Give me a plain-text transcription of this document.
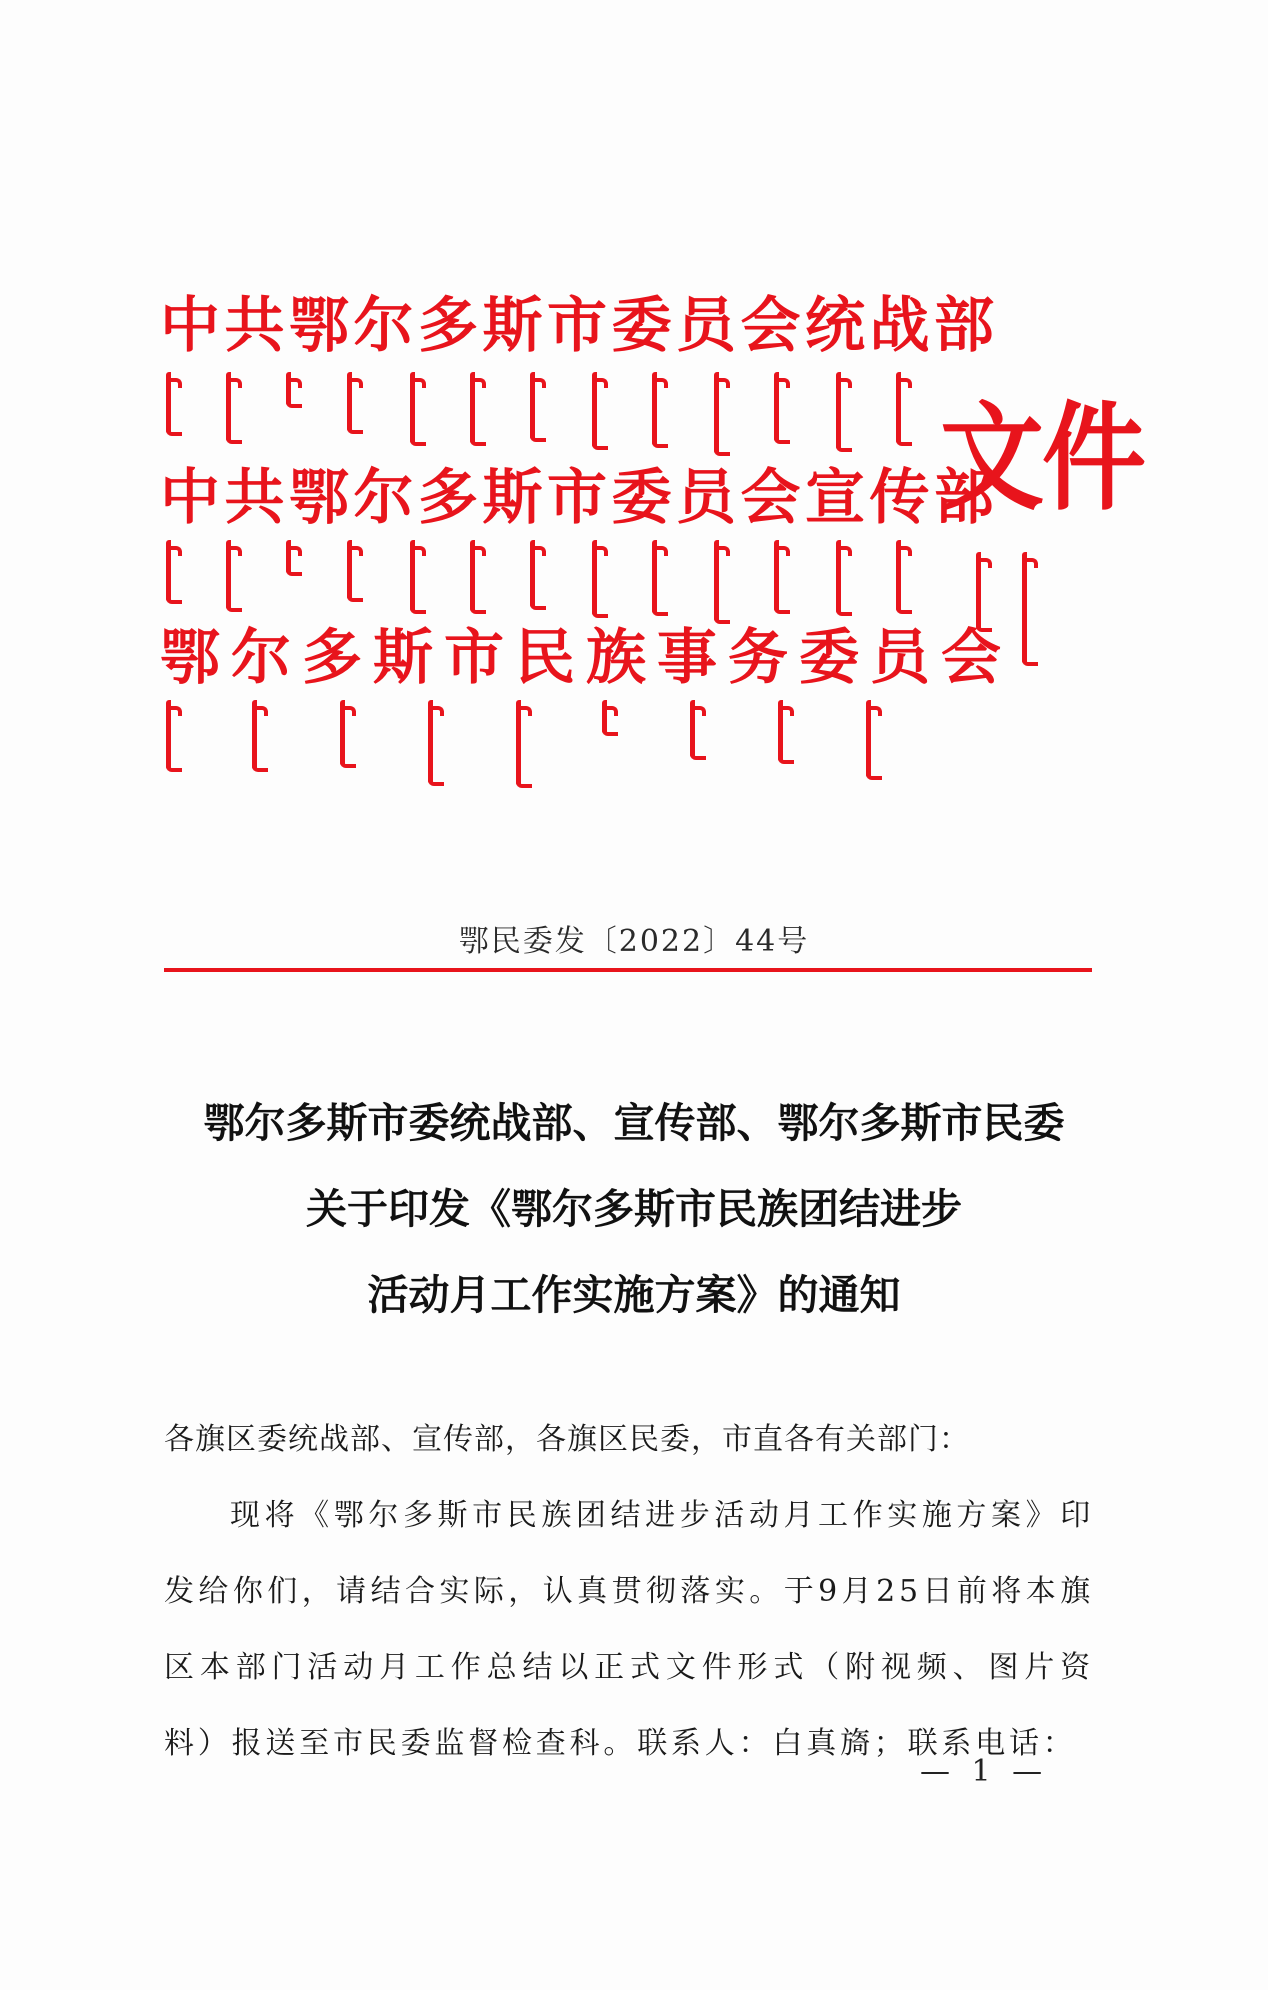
中共鄂尔多斯市委员会统战部
中共鄂尔多斯市委员会宣传部
鄂尔多斯市民族事务委员会
文件
鄂民委发〔2022〕44号
鄂尔多斯市委统战部、宣传部、鄂尔多斯市民委
关于印发《鄂尔多斯市民族团结进步
活动月工作实施方案》的通知
各旗区委统战部、宣传部，各旗区民委，市直各有关部门：
现将《鄂尔多斯市民族团结进步活动月工作实施方案》印发给你们，请结合实际，认真贯彻落实。于9月25日前将本旗区本部门活动月工作总结以正式文件形式（附视频、图片资料）报送至市民委监督检查科。联系人：白真旖；联系电话：
— 1 —
